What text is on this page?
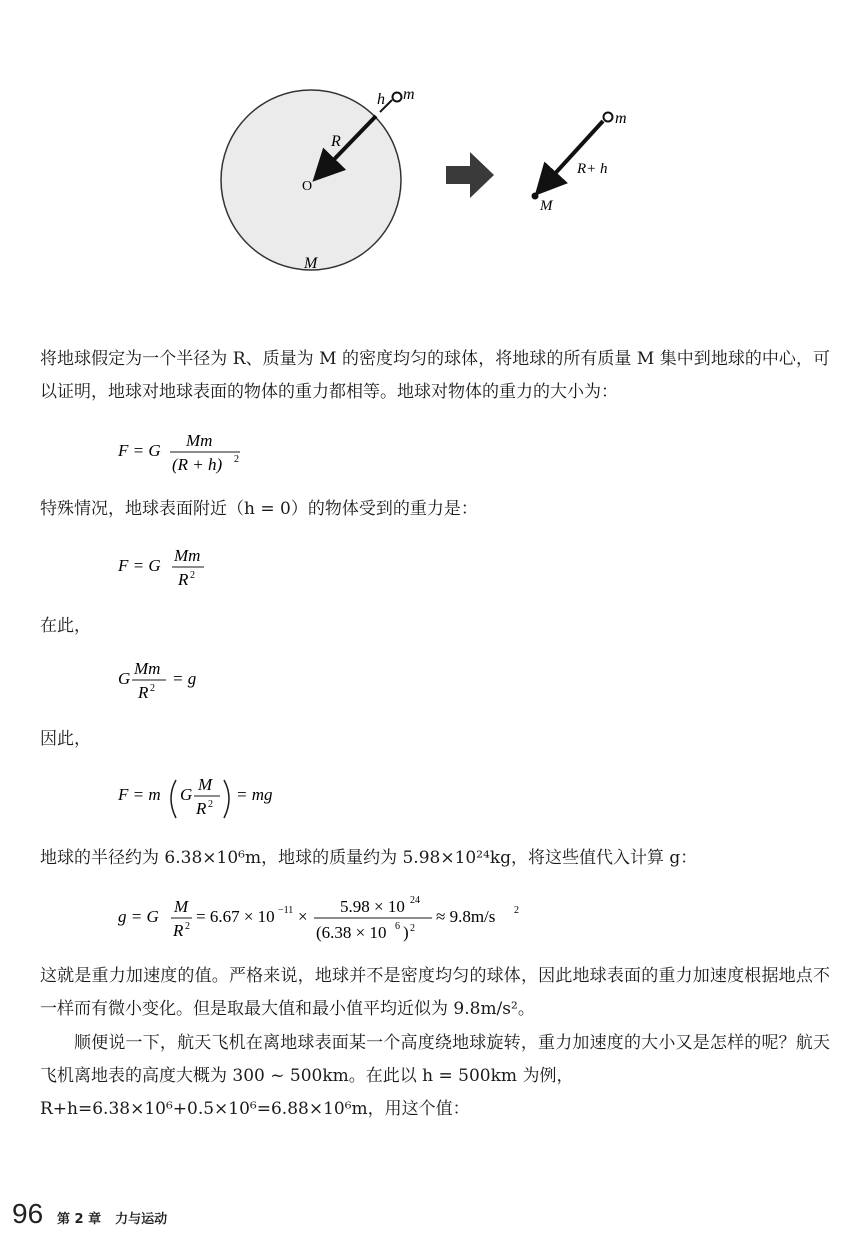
h m
R
O
M
m
R+ h
M

将地球假定为一个半径为 R、质量为 M 的密度均匀的球体，将地球的所有质量 M 集中到地球的中心，可以证明，地球对地球表面的物体的重力都相等。地球对物体的重力的大小为：

F = G
Mm
(R + h) 2

特殊情况，地球表面附近（h = 0）的物体受到的重力是：

F = G
Mm
R 2

在此，

G
Mm
R 2
= g

因此，

F = m G
M
R 2
= mg

地球的半径约为 6.38×10⁶m，地球的质量约为 5.98×10²⁴kg，将这些值代入计算 g：

g = G
M
R 2
= 6.67 × 10 −11 ×
5.98 × 10 24
(6.38 × 10 6 ) 2
≈ 9.8m/s 2

这就是重力加速度的值。严格来说，地球并不是密度均匀的球体，因此地球表面的重力加速度根据地点不一样而有微小变化。但是取最大值和最小值平均近似为 9.8m/s²。

顺便说一下，航天飞机在离地球表面某一个高度绕地球旋转，重力加速度的大小又是怎样的呢？航天飞机离地表的高度大概为 300 ~ 500km。在此以 h = 500km 为例，

R+h=6.38×10⁶+0.5×10⁶=6.88×10⁶m，用这个值：

96 第 2 章 力与运动
